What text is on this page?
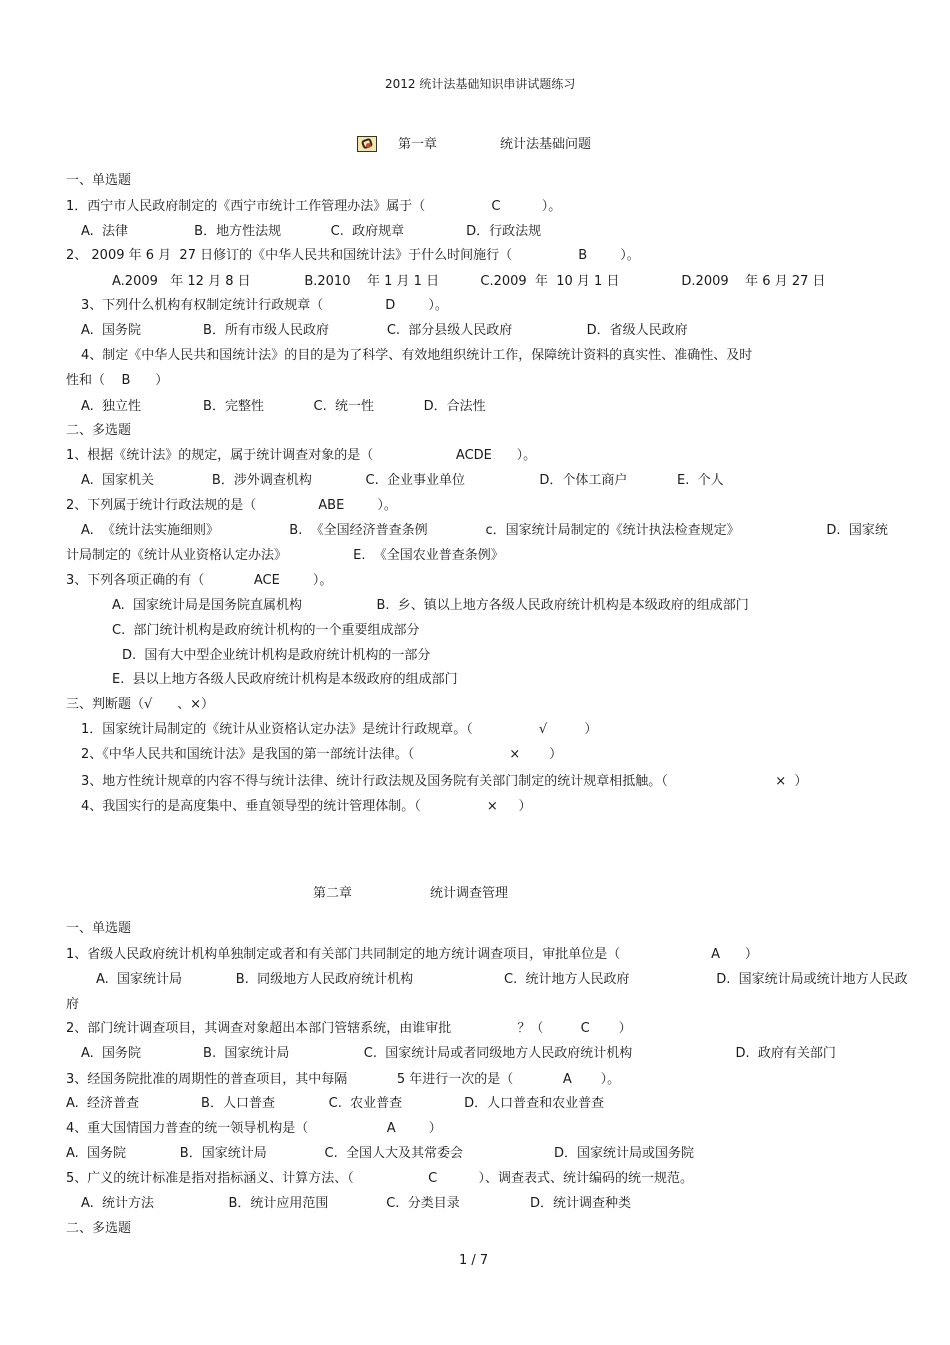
2012 统计法基础知识串讲试题练习
第一章	统计法基础问题
一、单选题
1．西宁市人民政府制定的《西宁市统计工作管理办法》属于（                C          ）。
A.  法律                B．地方性法规            C.  政府规章               D．行政法规
2、 2009 年 6 月  27 日修订的《中华人民共和国统计法》于什么时间施行（                B        ）。
A.2009   年 12 月 8 日             B.2010    年 1 月 1 日          C.2009  年  10 月 1 日               D.2009    年 6 月 27 日
3、下列什么机构有权制定统计行政规章（               D        ）。
A.  国务院               B．所有市级人民政府              C.  部分县级人民政府                  D．省级人民政府
4、制定《中华人民共和国统计法》的目的是为了科学、有效地组织统计工作，保障统计资料的真实性、准确性、及时
性和（    B      ）
A.  独立性               B．完整性            C.  统一性            D．合法性
二、多选题
1、根据《统计法》的规定，属于统计调查对象的是（                    ACDE      ）。
A.  国家机关              B．涉外调查机构             C.  企业事业单位                  D．个体工商户            E.  个人
2、下列属于统计行政法规的是（               ABE        ）。
A.  《统计法实施细则》                 B.  《全国经济普查条例              c．国家统计局制定的《统计执法检查规定》                     D.  国家统
计局制定的《统计从业资格认定办法》                E.  《全国农业普查条例》
3、下列各项正确的有（            ACE        ）。
A.  国家统计局是国务院直属机构                  B.  乡、镇以上地方各级人民政府统计机构是本级政府的组成部门
C.  部门统计机构是政府统计机构的一个重要组成部分
D.  国有大中型企业统计机构是政府统计机构的一部分
E.  县以上地方各级人民政府统计机构是本级政府的组成部门
三、判断题（√      、×）
1．国家统计局制定的《统计从业资格认定办法》是统计行政规章。（                √         ）
2、《中华人民共和国统计法》是我国的第一部统计法律。（                       ×       ）
3、地方性统计规章的内容不得与统计法律、统计行政法规及国务院有关部门制定的统计规章相抵触。（                          ×  ）
4、我国实行的是高度集中、垂直领导型的统计管理体制。（                ×     ）
第二章	统计调查管理
一、单选题
1、省级人民政府统计机构单独制定或者和有关部门共同制定的地方统计调查项目，审批单位是（                      A      ）
A.  国家统计局             B.  同级地方人民政府统计机构                      C.  统计地方人民政府                     D.  国家统计局或统计地方人民政
府
2、部门统计调查项目，其调查对象超出本部门管辖系统，由谁审批                ？（         C       ）
A.  国务院               B.  国家统计局                  C.  国家统计局或者同级地方人民政府统计机构                         D.  政府有关部门
3、经国务院批准的周期性的普查项目，其中每隔            5 年进行一次的是（            A       ）。
A.  经济普查               B．人口普查             C.  农业普查               D．人口普查和农业普查
4、重大国情国力普查的统一领导机构是（                   A        ）
A.  国务院             B．国家统计局              C.  全国人大及其常委会                      D．国家统计局或国务院
5、广义的统计标准是指对指标涵义、计算方法、（                  C          ）、调查表式、统计编码的统一规范。
A.  统计方法                  B．统计应用范围              C.  分类目录                 D．统计调查种类
二、多选题
1 / 7
